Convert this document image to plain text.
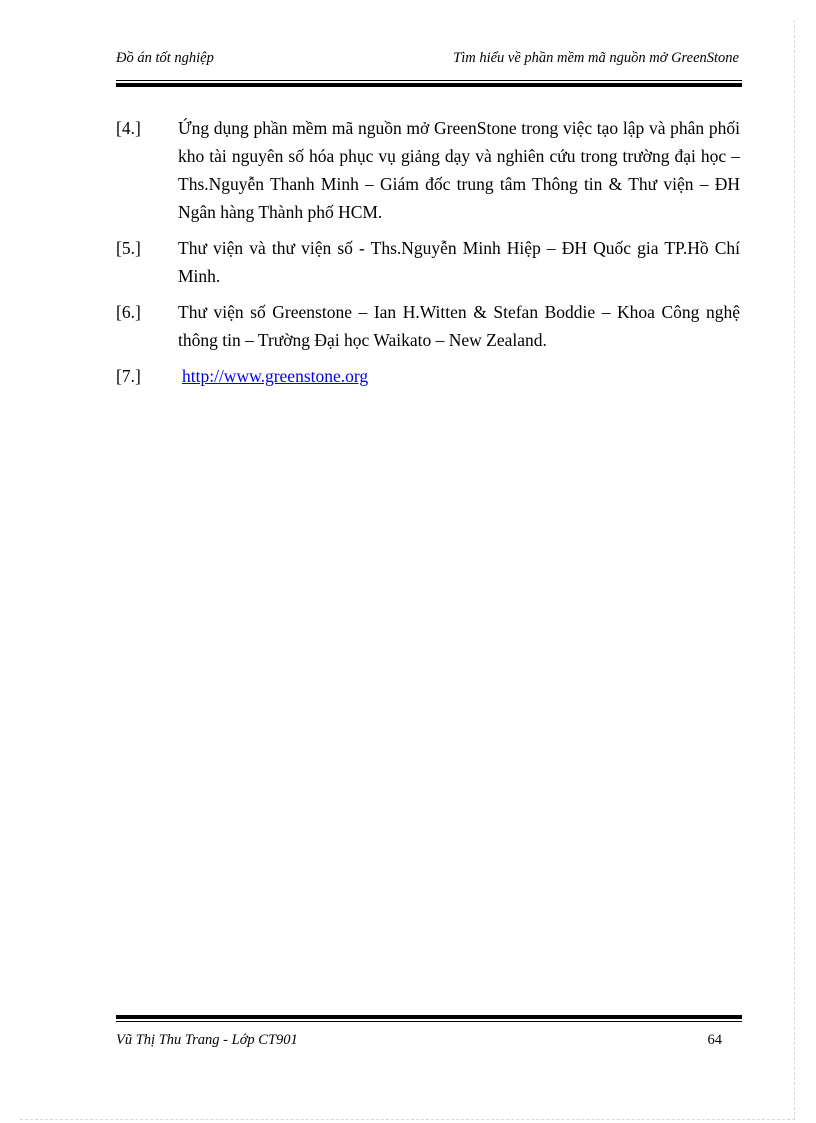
Đồ án tốt nghiệp	Tìm hiểu về phần mềm mã nguồn mở GreenStone
[4.] Ứng dụng phần mềm mã nguồn mở GreenStone trong việc tạo lập và phân phối kho tài nguyên số hóa phục vụ giảng dạy và nghiên cứu trong trường đại học – Ths.Nguyễn Thanh Minh – Giám đốc trung tâm Thông tin & Thư viện – ĐH Ngân hàng Thành phố HCM.
[5.] Thư viện và thư viện số - Ths.Nguyễn Minh Hiệp – ĐH Quốc gia TP.Hồ Chí Minh.
[6.] Thư viện số Greenstone – Ian H.Witten & Stefan Boddie – Khoa Công nghệ thông tin – Trường Đại học Waikato – New Zealand.
[7.] http://www.greenstone.org
Vũ Thị Thu Trang - Lớp CT901	64
